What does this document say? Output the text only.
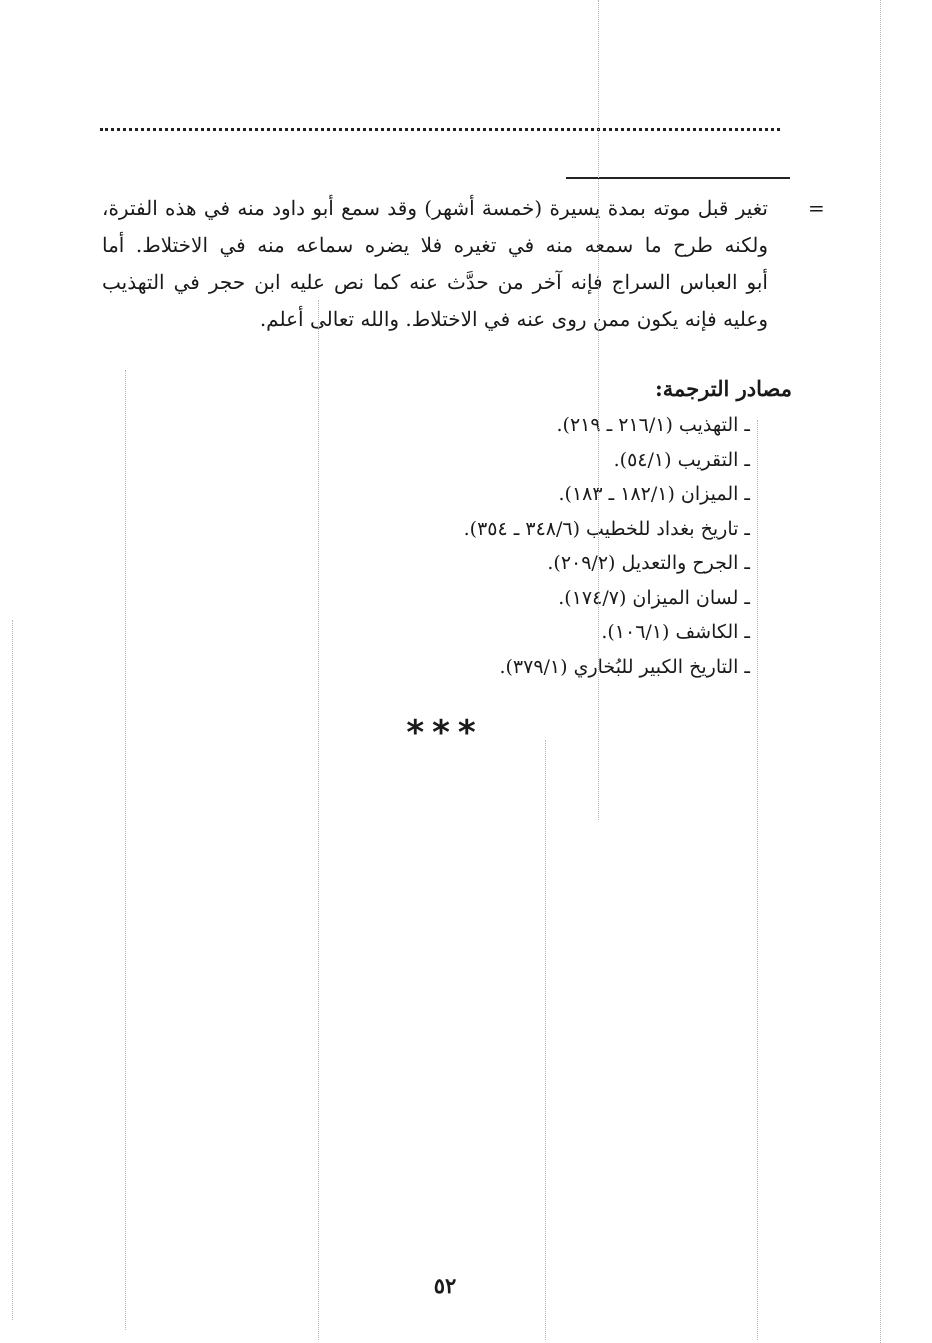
=
تغير قبل موته بمدة يسيرة (خمسة أشهر) وقد سمع أبو داود منه في هذه الفترة،
ولكنه طرح ما سمعه منه في تغيره فلا يضره سماعه منه في الاختلاط. أما
أبو العباس السراج فإنه آخر من حدَّث عنه كما نص عليه ابن حجر في التهذيب
وعليه فإنه يكون ممن روى عنه في الاختلاط. والله تعالى أعلم.
مصادر الترجمة:
ـالتهذيب (٢١٦/١ ـ ٢١٩).
ـالتقريب (٥٤/١).
ـالميزان (١٨٢/١ ـ ١٨٣).
ـتاريخ بغداد للخطيب (٣٤٨/٦ ـ ٣٥٤).
ـالجرح والتعديل (٢٠٩/٢).
ـلسان الميزان (١٧٤/٧).
ـالكاشف (١٠٦/١).
ـالتاريخ الكبير للبُخاري (٣٧٩/١).
***
٥٢
